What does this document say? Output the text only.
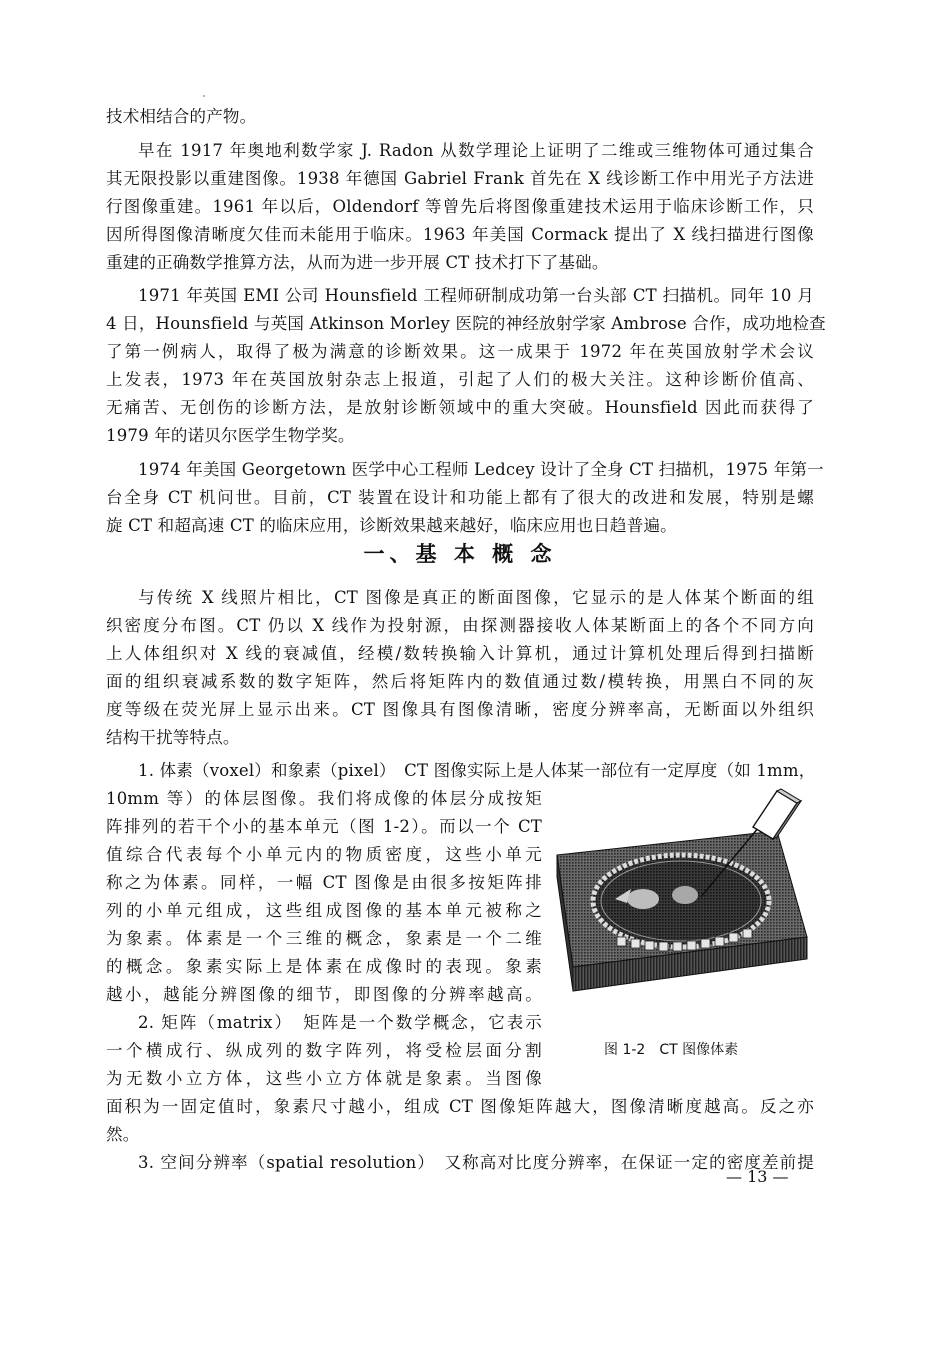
技术相结合的产物。
早在 1917 年奥地利数学家 J. Radon 从数学理论上证明了二维或三维物体可通过集合
其无限投影以重建图像。1938 年德国 Gabriel Frank 首先在 X 线诊断工作中用光子方法进
行图像重建。1961 年以后，Oldendorf 等曾先后将图像重建技术运用于临床诊断工作，只
因所得图像清晰度欠佳而未能用于临床。1963 年美国 Cormack 提出了 X 线扫描进行图像
重建的正确数学推算方法，从而为进一步开展 CT 技术打下了基础。
1971 年英国 EMI 公司 Hounsfield 工程师研制成功第一台头部 CT 扫描机。同年 10 月
4 日，Hounsfield 与英国 Atkinson Morley 医院的神经放射学家 Ambrose 合作，成功地检查
了第一例病人，取得了极为满意的诊断效果。这一成果于 1972 年在英国放射学术会议
上发表，1973 年在英国放射杂志上报道，引起了人们的极大关注。这种诊断价值高、
无痛苦、无创伤的诊断方法，是放射诊断领域中的重大突破。Hounsfield 因此而获得了
1979 年的诺贝尔医学生物学奖。
1974 年美国 Georgetown 医学中心工程师 Ledcey 设计了全身 CT 扫描机，1975 年第一
台全身 CT 机问世。目前，CT 装置在设计和功能上都有了很大的改进和发展，特别是螺
旋 CT 和超高速 CT 的临床应用，诊断效果越来越好，临床应用也日趋普遍。
一、基 本 概 念
与传统 X 线照片相比，CT 图像是真正的断面图像，它显示的是人体某个断面的组
织密度分布图。CT 仍以 X 线作为投射源，由探测器接收人体某断面上的各个不同方向
上人体组织对 X 线的衰减值，经模/数转换输入计算机，通过计算机处理后得到扫描断
面的组织衰减系数的数字矩阵，然后将矩阵内的数值通过数/模转换，用黑白不同的灰
度等级在荧光屏上显示出来。CT 图像具有图像清晰，密度分辨率高，无断面以外组织
结构干扰等特点。
1. 体素（voxel）和象素（pixel）　CT 图像实际上是人体某一部位有一定厚度（如 1mm，
10mm 等）的体层图像。我们将成像的体层分成按矩
阵排列的若干个小的基本单元（图 1-2）。而以一个 CT
值综合代表每个小单元内的物质密度，这些小单元
称之为体素。同样，一幅 CT 图像是由很多按矩阵排
列的小单元组成，这些组成图像的基本单元被称之
为象素。体素是一个三维的概念，象素是一个二维
的概念。象素实际上是体素在成像时的表现。象素
越小，越能分辨图像的细节，即图像的分辨率越高。
2. 矩阵（matrix）　矩阵是一个数学概念，它表示
一个横成行、纵成列的数字阵列，将受检层面分割
为无数小立方体，这些小立方体就是象素。当图像
面积为一固定值时，象素尺寸越小，组成 CT 图像矩阵越大，图像清晰度越高。反之亦
然。
3. 空间分辨率（spatial resolution）　又称高对比度分辨率，在保证一定的密度差前提
图 1-2 CT 图像体素
— 13 —
